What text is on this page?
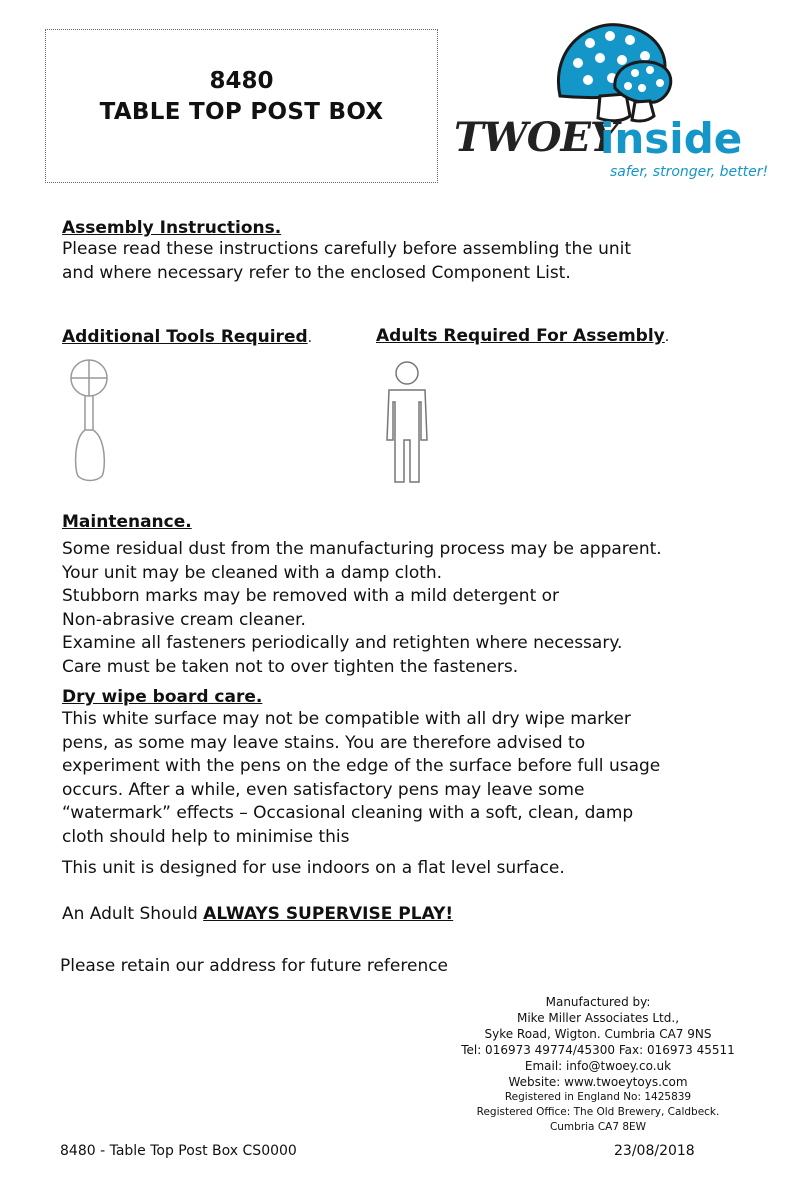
8480
TABLE TOP POST BOX
TWOEY
inside
safer, stronger, better!
Assembly Instructions.
Please read these instructions carefully before assembling the unit
and where necessary refer to the enclosed Component List.
Additional Tools Required.	Adults Required For Assembly.
Maintenance.
Some residual dust from the manufacturing process may be apparent.
Your unit may be cleaned with a damp cloth.
Stubborn marks may be removed with a mild detergent or
Non-abrasive cream cleaner.
Examine all fasteners periodically and retighten where necessary.
Care must be taken not to over tighten the fasteners.
Dry wipe board care.
This white surface may not be compatible with all dry wipe marker
pens, as some may leave stains. You are therefore advised to
experiment with the pens on the edge of the surface before full usage
occurs. After a while, even satisfactory pens may leave some
“watermark” effects – Occasional cleaning with a soft, clean, damp
cloth should help to minimise this
This unit is designed for use indoors on a flat level surface.
An Adult Should ALWAYS SUPERVISE PLAY!
Please retain our address for future reference
Manufactured by:
Mike Miller Associates Ltd.,
Syke Road, Wigton. Cumbria CA7 9NS
Tel: 016973 49774/45300 Fax: 016973 45511
Email: info@twoey.co.uk
Website: www.twoeytoys.com
Registered in England No: 1425839
Registered Office: The Old Brewery, Caldbeck.
Cumbria CA7 8EW
8480 - Table Top Post Box CS0000	23/08/2018
